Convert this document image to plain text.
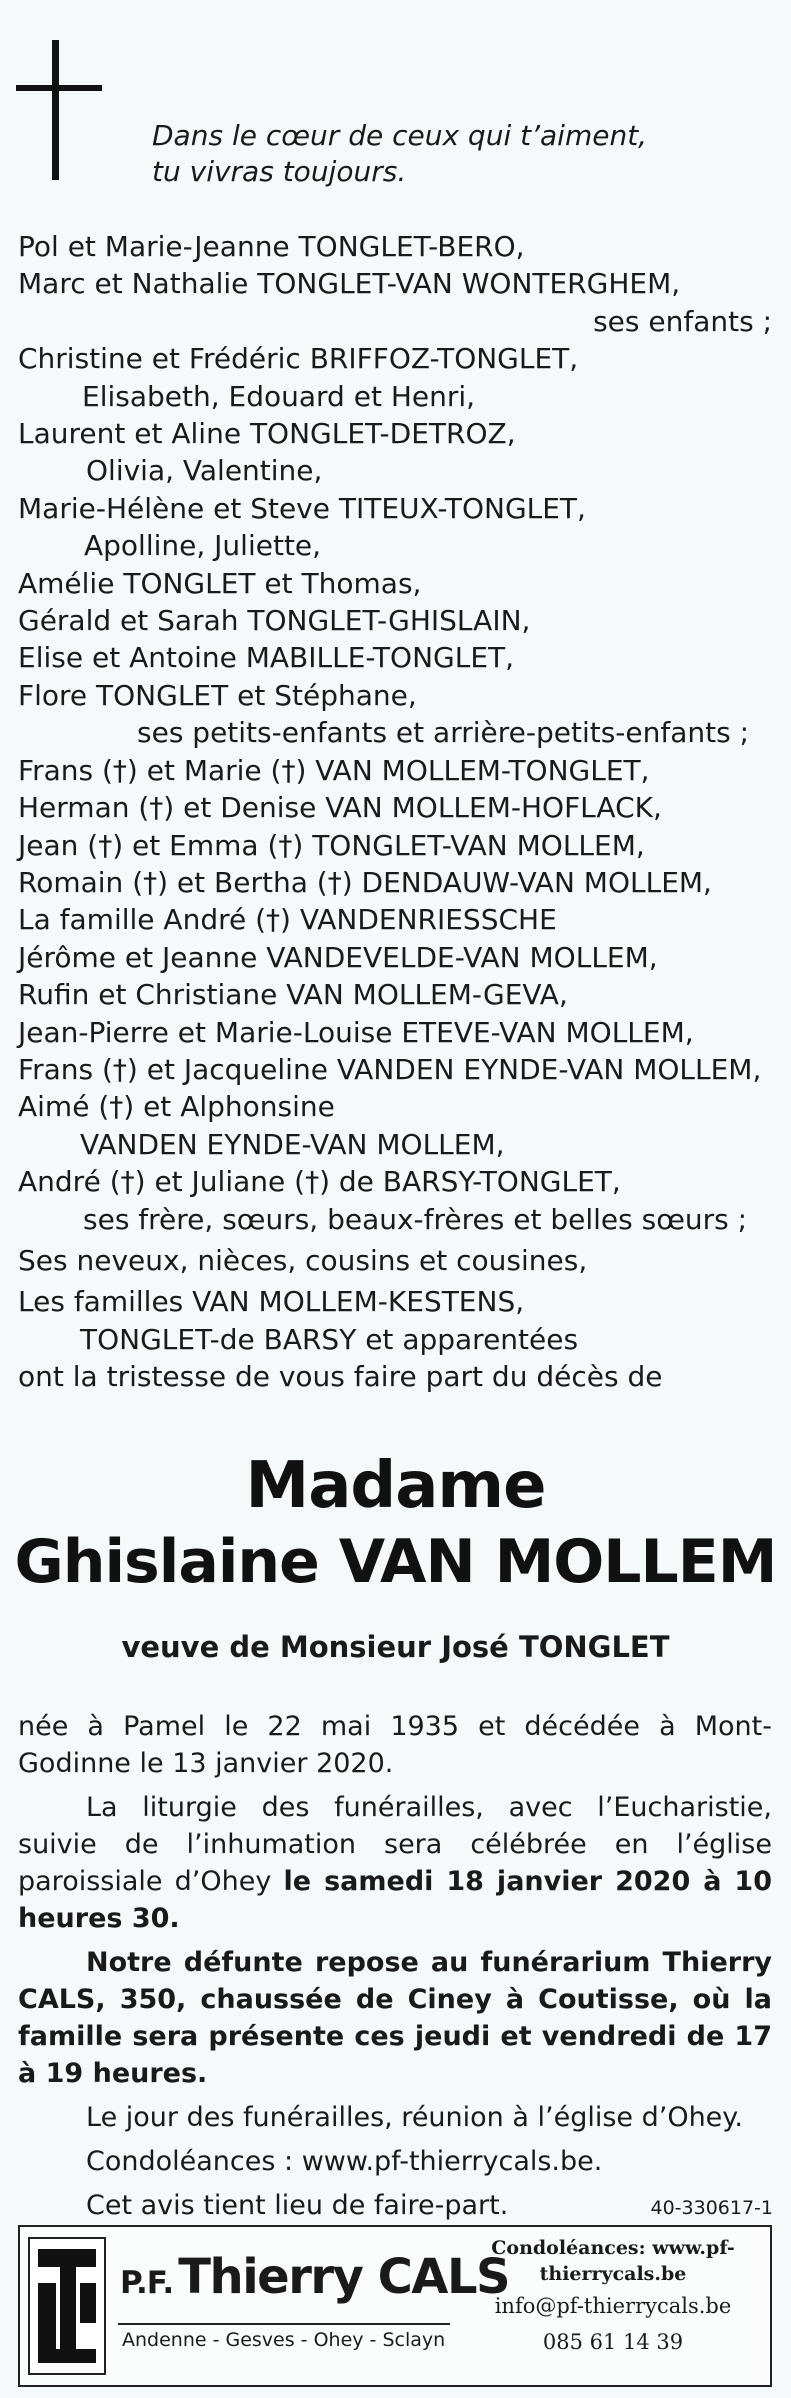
Dans le cœur de ceux qui t’aiment,
tu vivras toujours.
Pol et Marie-Jeanne TONGLET-BERO,
Marc et Nathalie TONGLET-VAN WONTERGHEM,
ses enfants ;
Christine et Frédéric BRIFFOZ-TONGLET,
Elisabeth, Edouard et Henri,
Laurent et Aline TONGLET-DETROZ,
Olivia, Valentine,
Marie-Hélène et Steve TITEUX-TONGLET,
Apolline, Juliette,
Amélie TONGLET et Thomas,
Gérald et Sarah TONGLET-GHISLAIN,
Elise et Antoine MABILLE-TONGLET,
Flore TONGLET et Stéphane,
ses petits-enfants et arrière-petits-enfants ;
Frans (†) et Marie (†) VAN MOLLEM-TONGLET,
Herman (†) et Denise VAN MOLLEM-HOFLACK,
Jean (†) et Emma (†) TONGLET-VAN MOLLEM,
Romain (†) et Bertha (†) DENDAUW-VAN MOLLEM,
La famille André (†) VANDENRIESSCHE
Jérôme et Jeanne VANDEVELDE-VAN MOLLEM,
Rufin et Christiane VAN MOLLEM-GEVA,
Jean-Pierre et Marie-Louise ETEVE-VAN MOLLEM,
Frans (†) et Jacqueline VANDEN EYNDE-VAN MOLLEM,
Aimé (†) et Alphonsine
VANDEN EYNDE-VAN MOLLEM,
André (†) et Juliane (†) de BARSY-TONGLET,
ses frère, sœurs, beaux-frères et belles sœurs ;
Ses neveux, nièces, cousins et cousines,
Les familles VAN MOLLEM-KESTENS,
TONGLET-de BARSY et apparentées
ont la tristesse de vous faire part du décès de
Madame
Ghislaine VAN MOLLEM
veuve de Monsieur José TONGLET

née à Pamel le 22 mai 1935 et décédée à Mont-Godinne le 13 janvier 2020.

La liturgie des funérailles, avec l’Eucharistie, suivie de l’inhumation sera célébrée en l’église paroissiale d’Ohey le samedi 18 janvier 2020 à 10 heures 30.

Notre défunte repose au funérarium Thierry CALS, 350, chaussée de Ciney à Coutisse, où la famille sera présente ces jeudi et vendredi de 17 à 19 heures.

Le jour des funérailles, réunion à l’église d’Ohey.

Condoléances : www.pf-thierrycals.be.

Cet avis tient lieu de faire-part.	40-330617-1
P.F. Thierry CALS
Andenne - Gesves - Ohey - Sclayn
Condoléances: www.pf-thierrycals.be
info@pf-thierrycals.be
085 61 14 39
